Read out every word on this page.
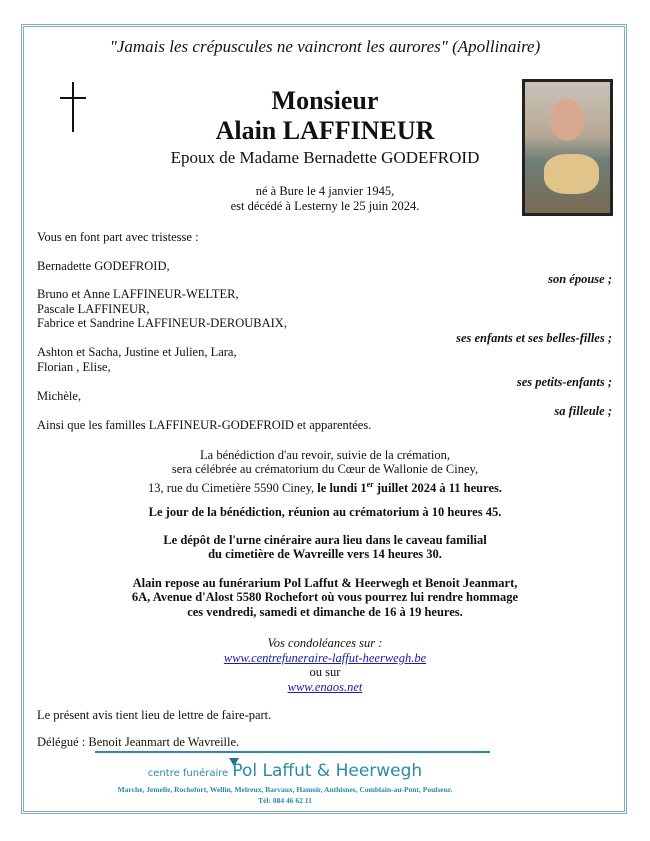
"Jamais les crépuscules ne vaincront les aurores" (Apollinaire)
Monsieur
Alain LAFFINEUR
Epoux de Madame Bernadette GODEFROID
né à Bure le 4 janvier 1945,
est décédé à Lesterny le 25 juin 2024.
Vous en font part avec tristesse :
Bernadette GODEFROID,
son épouse ;
Bruno et Anne LAFFINEUR-WELTER,
Pascale LAFFINEUR,
Fabrice et Sandrine LAFFINEUR-DEROUBAIX,
ses enfants et ses belles-filles ;
Ashton et Sacha, Justine et Julien, Lara,
Florian , Elise,
ses petits-enfants ;
Michèle,
sa filleule ;
Ainsi que les familles LAFFINEUR-GODEFROID et apparentées.
La bénédiction d'au revoir, suivie de la crémation,
sera célébrée au crématorium du Cœur de Wallonie de Ciney,
13, rue du Cimetière 5590 Ciney, le lundi 1er juillet 2024 à 11 heures.
Le jour de la bénédiction, réunion au crématorium à 10 heures 45.
Le dépôt de l'urne cinéraire aura lieu dans le caveau familial
du cimetière de Wavreille vers 14 heures 30.
Alain repose au funérarium Pol Laffut & Heerwegh et Benoit Jeanmart,
6A, Avenue d'Alost 5580 Rochefort où vous pourrez lui rendre hommage
ces vendredi, samedi et dimanche de 16 à 19 heures.
Vos condoléances sur :
www.centrefuneraire-laffut-heerwegh.be
ou sur
www.enaos.net
Le présent avis tient lieu de lettre de faire-part.
Délégué : Benoit Jeanmart de Wavreille.
centre funéraire Pol Laffut & Heerwegh
Marche, Jemelle, Rochefort, Wellin, Melreux, Barvaux, Hamoir, Anthisnes, Comblain-au-Pont, Poulseur.
Tél: 084 46 62 11
